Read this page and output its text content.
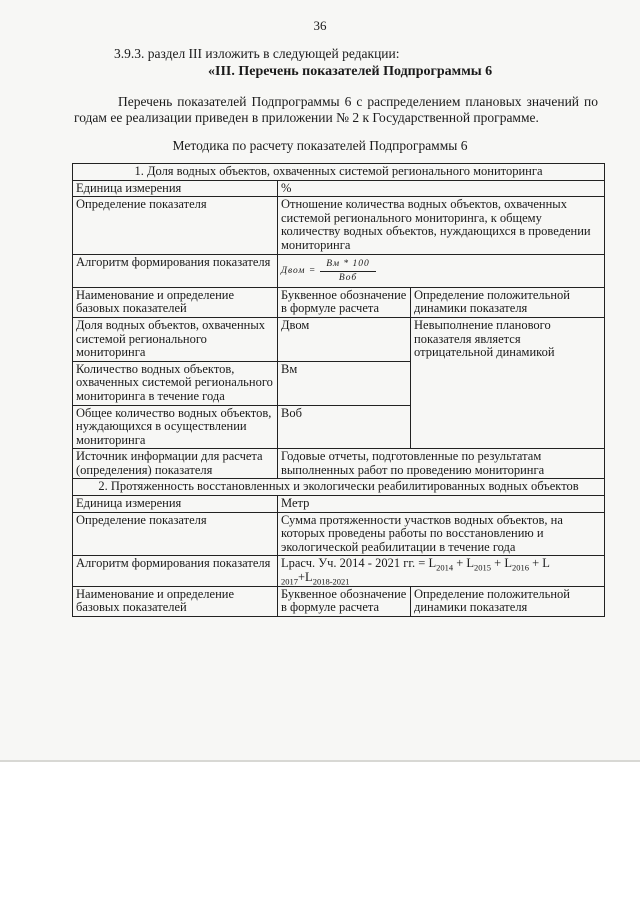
36
3.9.3. раздел III изложить в следующей редакции:
«III. Перечень показателей Подпрограммы 6
Перечень показателей Подпрограммы 6 с распределением плановых значений по годам ее реализации приведен в приложении № 2 к Государственной программе.
Методика по расчету показателей Подпрограммы 6
1. Доля водных объектов, охваченных системой регионального мониторинга		
Единица измерения	%	
Определение показателя	Отношение количества водных объектов, охваченных системой регионального мониторинга, к общему количеству водных объектов, нуждающихся в проведении мониторинга	
Алгоритм формирования показателя	Двом = $\frac{Вм * 100}{\text{Воб}}$

Наименование и определение базовых показателей	Буквенное обозначение в формуле расчета	Определение положительной динамики показателя
Доля водных объектов, охваченных системой регионального мониторинга	Двом	Невыполнение планового показателя является отрицательной динамикой
Количество водных объектов, охваченных системой регионального мониторинга в течение года	Вм	
Общее количество водных объектов, нуждающихся в осуществлении мониторинга	Воб	
Источник информации для расчета (определения) показателя	Годовые отчеты, подготовленные по результатам выполненных работ по проведению мониторинга	
2. Протяженность восстановленных и экологически реабилитированных водных объектов		
Единица измерения	Метр	
Определение показателя	Сумма протяженности участков водных объектов, на которых проведены работы по восстановлению и экологической реабилитации в течение года	
Алгоритм формирования показателя	Lрасч. Уч. 2014 - 2021 гг. = $L_{2014} + L_{2015} + L_{2016} + L$
$_{2017}+L_{2018-2021}$
Наименование и определение базовых показателей	Буквенное обозначение в формуле расчета	Определение положительной динамики показателя
